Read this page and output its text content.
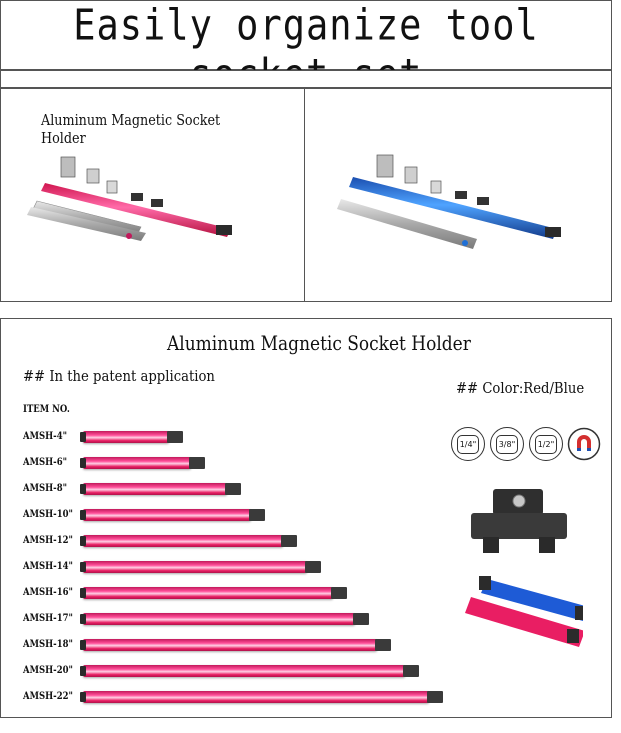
Easily organize tool
Aluminum Magnetic Socket Holder
Aluminum Magnetic Socket Holder
## In the patent application
## Color:Red/Blue
ITEM NO.
AMSH-4"
AMSH-6"
AMSH-8"
AMSH-10"
AMSH-12"
AMSH-14"
AMSH-16"
AMSH-17"
AMSH-18"
AMSH-20"
AMSH-22"
1/4"	3/8"	1/2"
